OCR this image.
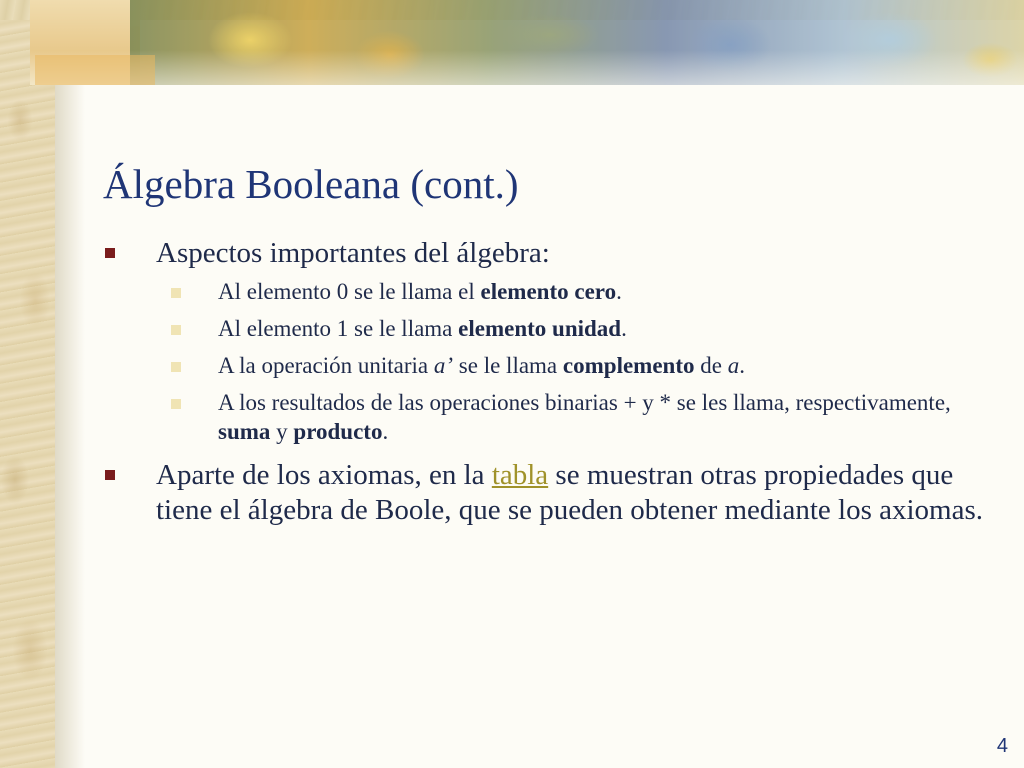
Álgebra Booleana (cont.)
Aspectos importantes del álgebra:
Al elemento 0 se le llama el elemento cero.
Al elemento 1 se le llama elemento unidad.
A la operación unitaria a’ se le llama complemento de a.
A los resultados de las operaciones binarias + y * se les llama, respectivamente, suma y producto.
Aparte de los axiomas, en la tabla se muestran otras propiedades que tiene el álgebra de Boole, que se pueden obtener mediante los axiomas.
4
